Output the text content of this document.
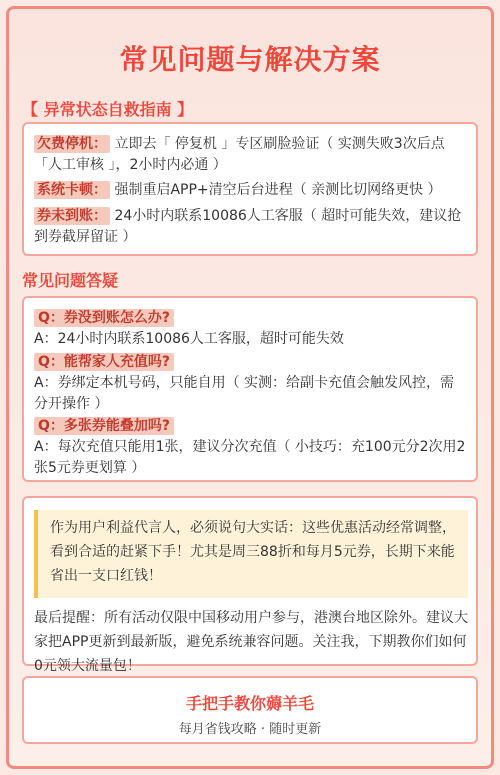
常见问题与解决方案
【 异常状态自救指南 】
欠费停机： 立即去「 停复机 」专区刷脸验证（ 实测失败3次后点「人工审核 」，2小时内必通 ）
系统卡顿： 强制重启APP+清空后台进程（ 亲测比切网络更快 ）
券未到账： 24小时内联系10086人工客服（ 超时可能失效，建议抢到券截屏留证 ）
常见问题答疑
Q：券没到账怎么办?
A：24小时内联系10086人工客服，超时可能失效
Q：能帮家人充值吗?
A：券绑定本机号码，只能自用（ 实测：给副卡充值会触发风控，需分开操作 ）
Q：多张券能叠加吗?
A：每次充值只能用1张，建议分次充值（ 小技巧：充100元分2次用2张5元券更划算 ）
作为用户利益代言人，必须说句大实话：这些优惠活动经常调整，看到合适的赶紧下手！尤其是周三88折和每月5元券，长期下来能省出一支口红钱！
最后提醒：所有活动仅限中国移动用户参与，港澳台地区除外。建议大家把APP更新到最新版，避免系统兼容问题。关注我，下期教你们如何0元领大流量包！
手把手教你薅羊毛
每月省钱攻略 · 随时更新
